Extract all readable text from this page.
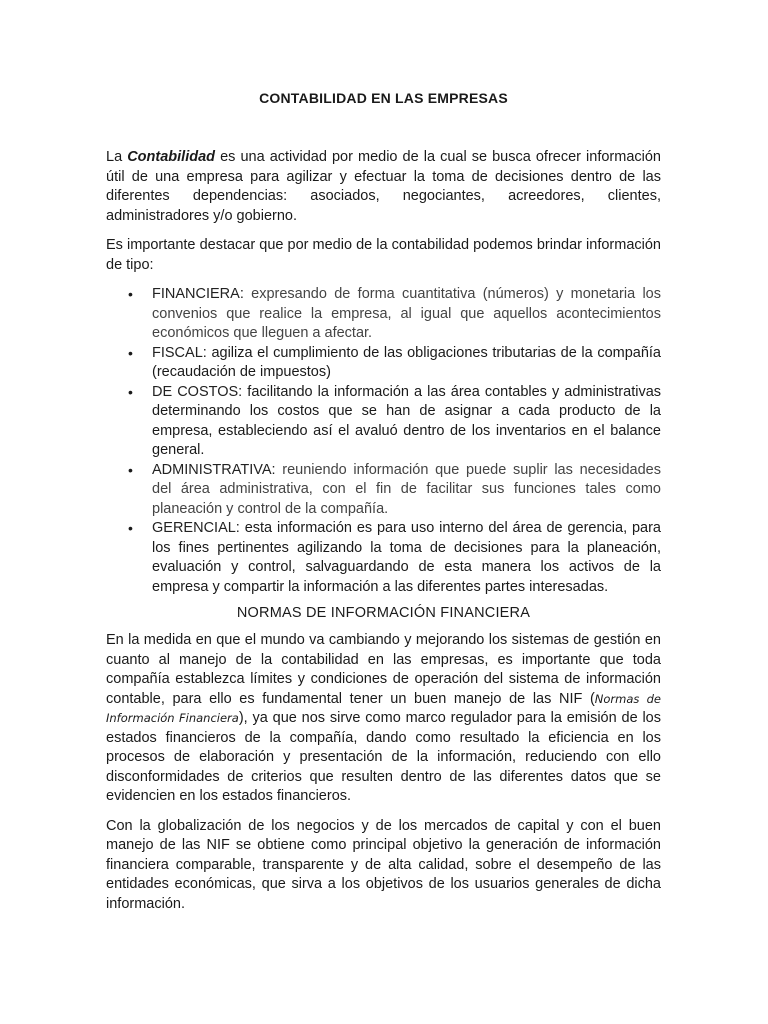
CONTABILIDAD EN LAS EMPRESAS

La Contabilidad es una actividad por medio de la cual se busca ofrecer información útil de una empresa para agilizar y efectuar la toma de decisiones dentro de las diferentes dependencias: asociados, negociantes, acreedores, clientes, administradores y/o gobierno.

Es importante destacar que por medio de la contabilidad podemos brindar información de tipo:

• FINANCIERA: expresando de forma cuantitativa (números) y monetaria los convenios que realice la empresa, al igual que aquellos acontecimientos económicos que lleguen a afectar.
• FISCAL: agiliza el cumplimiento de las obligaciones tributarias de la compañía (recaudación de impuestos)
• DE COSTOS: facilitando la información a las área contables y administrativas determinando los costos que se han de asignar a cada producto de la empresa, estableciendo así el avaluó dentro de los inventarios en el balance general.
• ADMINISTRATIVA: reuniendo información que puede suplir las necesidades del área administrativa, con el fin de facilitar sus funciones tales como planeación y control de la compañía.
• GERENCIAL: esta información es para uso interno del área de gerencia, para los fines pertinentes agilizando la toma de decisiones para la planeación, evaluación y control, salvaguardando de esta manera los activos de la empresa y compartir la información a las diferentes partes interesadas.
NORMAS DE INFORMACIÓN FINANCIERA

En la medida en que el mundo va cambiando y mejorando los sistemas de gestión en cuanto al manejo de la contabilidad en las empresas, es importante que toda compañía establezca límites y condiciones de operación del sistema de información contable, para ello es fundamental tener un buen manejo de las NIF (Normas de Información Financiera), ya que nos sirve como marco regulador para la emisión de los estados financieros de la compañía, dando como resultado la eficiencia en los procesos de elaboración y presentación de la información, reduciendo con ello disconformidades de criterios que resulten dentro de las diferentes datos que se evidencien en los estados financieros.

Con la globalización de los negocios y de los mercados de capital y con el buen manejo de las NIF se obtiene como principal objetivo la generación de información financiera comparable, transparente y de alta calidad, sobre el desempeño de las entidades económicas, que sirva a los objetivos de los usuarios generales de dicha información.
